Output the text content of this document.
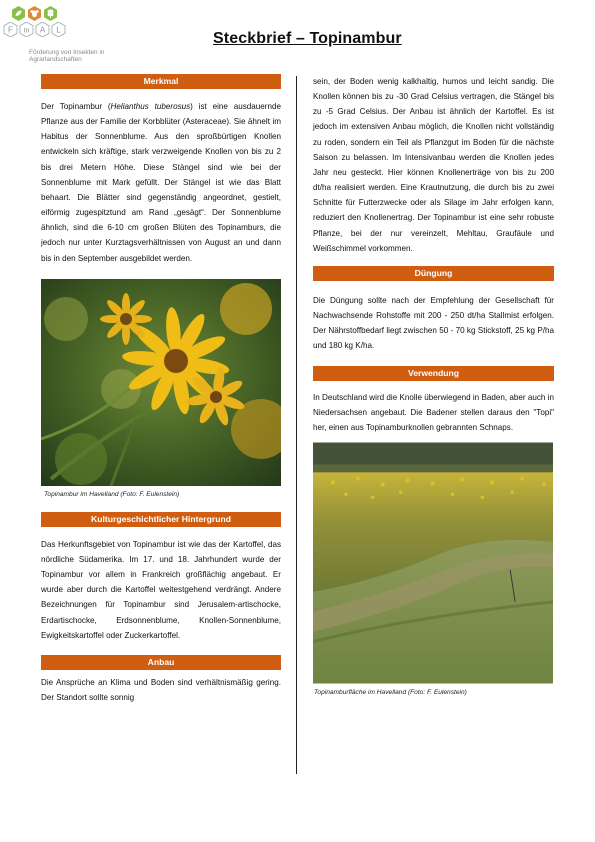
F In A L
Förderung von Insekten in Agrarlandschaften
Steckbrief – Topinambur
Merkmal

Der Topinambur (Helianthus tuberosus) ist eine ausdauernde Pflanze aus der Familie der Korbblüter (Asteraceae). Sie ähnelt im Habitus der Sonnenblume. Aus den sproßbürtigen Knollen entwickeln sich kräftige, stark verzweigende Knollen von bis zu 2 bis drei Metern Höhe. Diese Stängel sind wie bei der Sonnenblume mit Mark gefüllt. Der Stängel ist wie das Blatt behaart. Die Blätter sind gegenständig angeordnet, gestielt, eiförmig zugespitztund am Rand „gesägt“. Der Sonnenblume ähnlich, sind die 6-10 cm großen Blüten des Topinamburs, die jedoch nur unter Kurztagsverhältnissen von August an und dann bis in den September ausgebildet werden.

Topinambur im Havelland (Foto: F. Eulenstein)
Kulturgeschichtlicher Hintergrund

Das Herkunftsgebiet von Topinambur ist wie das der Kartoffel, das nördliche Südamerika. Im 17. und 18. Jahrhundert wurde der Topinambur vor allem in Frankreich großflächig angebaut. Er wurde aber durch die Kartoffel weitestgehend verdrängt. Andere Bezeichnungen für Topinambur sind Jerusalem-artischocke, Erdartischocke, Erdsonnenblume, Knollen-Sonnenblume, Ewigkeitskartoffel oder Zuckerkartoffel.

Anbau

Die Ansprüche an Klima und Boden sind verhältnismäßig gering. Der Standort sollte sonnig

sein, der Boden wenig kalkhaltig, humos und leicht sandig. Die Knollen können bis zu -30 Grad Celsius vertragen, die Stängel bis zu -5 Grad Celsius. Der Anbau ist ähnlich der Kartoffel. Es ist jedoch im extensiven Anbau möglich, die Knollen nicht vollständig zu roden, sondern ein Teil als Pflanzgut im Boden für die nächste Saison zu belassen. Im Intensivanbau werden die Knollen jedes Jahr neu gesteckt. Hier können Knollenerträge von bis zu 200 dt/ha realisiert werden. Eine Krautnutzung, die durch bis zu zwei Schnitte für Futterzwecke oder als Silage im Jahr erfolgen kann, reduziert den Knollenertrag. Der Topinambur ist eine sehr robuste Pflanze, bei der nur vereinzelt, Mehltau, Graufäule und Weißschimmel vorkommen.

Düngung

Die Düngung sollte nach der Empfehlung der Gesellschaft für Nachwachsende Rohstoffe mit 200 - 250 dt/ha Stallmist erfolgen. Der Nährstoffbedarf liegt zwischen 50 - 70 kg Stickstoff, 25 kg P/ha und 180 kg K/ha.

Verwendung

In Deutschland wird die Knolle überwiegend in Baden, aber auch in Niedersachsen angebaut. Die Badener stellen daraus den "Topi" her, einen aus Topinamburknollen gebrannten Schnaps.

Topinamburfläche im Havelland (Foto: F. Eulenstein)
